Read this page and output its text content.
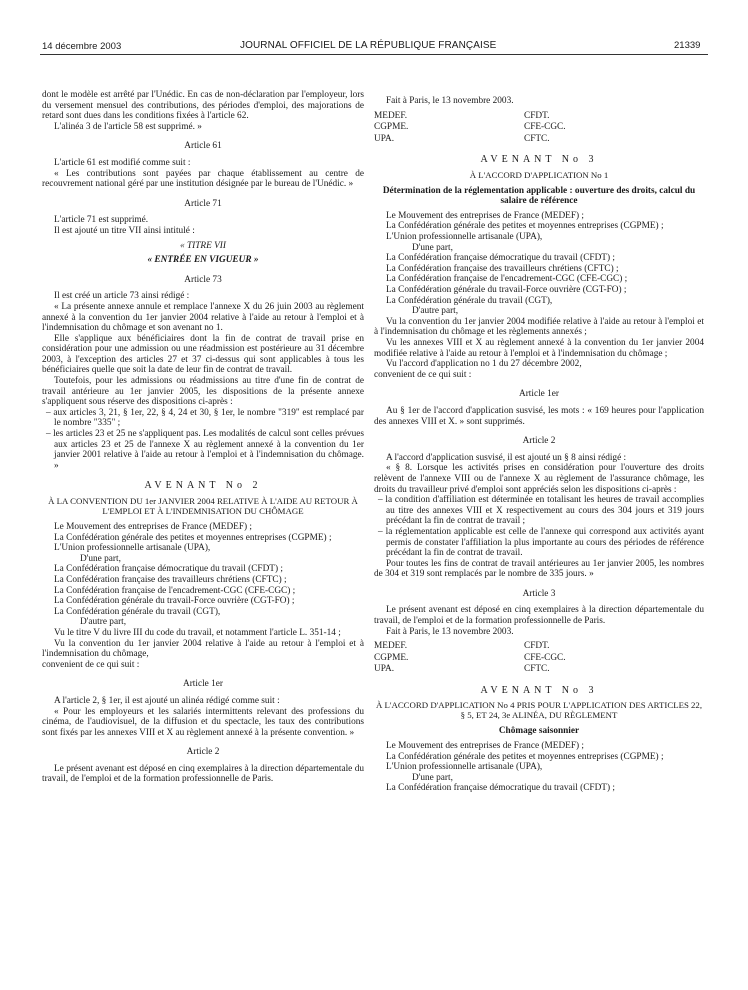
14 décembre 2003	JOURNAL OFFICIEL DE LA RÉPUBLIQUE FRANÇAISE	21339

dont le modèle est arrêté par l'Unédic. En cas de non-déclaration par l'employeur, lors du versement mensuel des contributions, des périodes d'emploi, des majorations de retard sont dues dans les conditions fixées à l'article 62.

L'alinéa 3 de l'article 58 est supprimé. »

Article 61

L'article 61 est modifié comme suit :

« Les contributions sont payées par chaque établissement au centre de recouvrement national géré par une institution désignée par le bureau de l'Unédic. »

Article 71

L'article 71 est supprimé.

Il est ajouté un titre VII ainsi intitulé :

« TITRE VII
« ENTRÉE EN VIGUEUR »
Article 73

Il est créé un article 73 ainsi rédigé :

« La présente annexe annule et remplace l'annexe X du 26 juin 2003 au règlement annexé à la convention du 1er janvier 2004 relative à l'aide au retour à l'emploi et à l'indemnisation du chômage et son avenant no 1.

Elle s'applique aux bénéficiaires dont la fin de contrat de travail prise en considération pour une admission ou une réadmission est postérieure au 31 décembre 2003, à l'exception des articles 27 et 37 ci-dessus qui sont applicables à tous les bénéficiaires quelle que soit la date de leur fin de contrat de travail.

Toutefois, pour les admissions ou réadmissions au titre d'une fin de contrat de travail antérieure au 1er janvier 2005, les dispositions de la présente annexe s'appliquent sous réserve des dispositions ci-après :

– aux articles 3, 21, § 1er, 22, § 4, 24 et 30, § 1er, le nombre "319" est remplacé par le nombre "335" ;

– les articles 23 et 25 ne s'appliquent pas. Les modalités de calcul sont celles prévues aux articles 23 et 25 de l'annexe X au règlement annexé à la convention du 1er janvier 2001 relative à l'aide au retour à l'emploi et à l'indemnisation du chômage. »

AVENANT No 2
À LA CONVENTION DU 1er JANVIER 2004 RELATIVE À L'AIDE AU RETOUR À L'EMPLOI ET À L'INDEMNISATION DU CHÔMAGE

Le Mouvement des entreprises de France (MEDEF) ;

La Confédération générale des petites et moyennes entreprises (CGPME) ;

L'Union professionnelle artisanale (UPA),

D'une part,

La Confédération française démocratique du travail (CFDT) ;

La Confédération française des travailleurs chrétiens (CFTC) ;

La Confédération française de l'encadrement-CGC (CFE-CGC) ;

La Confédération générale du travail-Force ouvrière (CGT-FO) ;

La Confédération générale du travail (CGT),

D'autre part,

Vu le titre V du livre III du code du travail, et notamment l'article L. 351-14 ;

Vu la convention du 1er janvier 2004 relative à l'aide au retour à l'emploi et à l'indemnisation du chômage,

convenient de ce qui suit :

Article 1er

A l'article 2, § 1er, il est ajouté un alinéa rédigé comme suit :

« Pour les employeurs et les salariés intermittents relevant des professions du cinéma, de l'audiovisuel, de la diffusion et du spectacle, les taux des contributions sont fixés par les annexes VIII et X au règlement annexé à la présente convention. »

Article 2

Le présent avenant est déposé en cinq exemplaires à la direction départementale du travail, de l'emploi et de la formation professionnelle de Paris.

Fait à Paris, le 13 novembre 2003.

MEDEF.	CFDT.
CGPME.	CFE-CGC.
UPA.	CFTC.
AVENANT No 3
À L'ACCORD D'APPLICATION No 1
Détermination de la réglementation applicable : ouverture des droits, calcul du salaire de référence

Le Mouvement des entreprises de France (MEDEF) ;

La Confédération générale des petites et moyennes entreprises (CGPME) ;

L'Union professionnelle artisanale (UPA),

D'une part,

La Confédération française démocratique du travail (CFDT) ;

La Confédération française des travailleurs chrétiens (CFTC) ;

La Confédération française de l'encadrement-CGC (CFE-CGC) ;

La Confédération générale du travail-Force ouvrière (CGT-FO) ;

La Confédération générale du travail (CGT),

D'autre part,

Vu la convention du 1er janvier 2004 modifiée relative à l'aide au retour à l'emploi et à l'indemnisation du chômage et les règlements annexés ;

Vu les annexes VIII et X au règlement annexé à la convention du 1er janvier 2004 modifiée relative à l'aide au retour à l'emploi et à l'indemnisation du chômage ;

Vu l'accord d'application no 1 du 27 décembre 2002,

convenient de ce qui suit :

Article 1er

Au § 1er de l'accord d'application susvisé, les mots : « 169 heures pour l'application des annexes VIII et X. » sont supprimés.

Article 2

A l'accord d'application susvisé, il est ajouté un § 8 ainsi rédigé :

« § 8. Lorsque les activités prises en considération pour l'ouverture des droits relèvent de l'annexe VIII ou de l'annexe X au règlement de l'assurance chômage, les droits du travailleur privé d'emploi sont appréciés selon les dispositions ci-après :

– la condition d'affiliation est déterminée en totalisant les heures de travail accomplies au titre des annexes VIII et X respectivement au cours des 304 jours et 319 jours précédant la fin de contrat de travail ;

– la réglementation applicable est celle de l'annexe qui correspond aux activités ayant permis de constater l'affiliation la plus importante au cours des périodes de référence précédant la fin de contrat de travail.

Pour toutes les fins de contrat de travail antérieures au 1er janvier 2005, les nombres de 304 et 319 sont remplacés par le nombre de 335 jours. »

Article 3

Le présent avenant est déposé en cinq exemplaires à la direction départementale du travail, de l'emploi et de la formation professionnelle de Paris.

Fait à Paris, le 13 novembre 2003.

MEDEF.	CFDT.
CGPME.	CFE-CGC.
UPA.	CFTC.
AVENANT No 3
À L'ACCORD D'APPLICATION No 4 PRIS POUR L'APPLICATION DES ARTICLES 22, § 5, ET 24, 3e ALINÉA, DU RÈGLEMENT
Chômage saisonnier

Le Mouvement des entreprises de France (MEDEF) ;

La Confédération générale des petites et moyennes entreprises (CGPME) ;

L'Union professionnelle artisanale (UPA),

D'une part,

La Confédération française démocratique du travail (CFDT) ;
